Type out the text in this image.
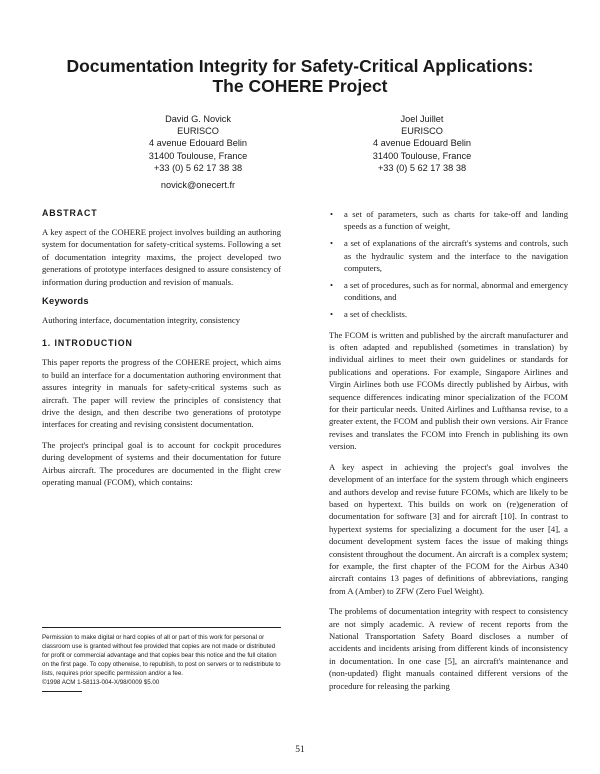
Documentation Integrity for Safety-Critical Applications:
The COHERE Project
David G. Novick
EURISCO
4 avenue Edouard Belin
31400 Toulouse, France
+33 (0) 5 62 17 38 38
novick@onecert.fr
Joel Juillet
EURISCO
4 avenue Edouard Belin
31400 Toulouse, France
+33 (0) 5 62 17 38 38
ABSTRACT

A key aspect of the COHERE project involves building an authoring system for documentation for safety-critical systems. Following a set of documentation integrity maxims, the project developed two generations of prototype interfaces designed to assure consistency of information during production and revision of manuals.

Keywords

Authoring interface, documentation integrity, consistency

1. INTRODUCTION

This paper reports the progress of the COHERE project, which aims to build an interface for a documentation authoring environment that assures integrity in manuals for safety-critical systems such as aircraft. The paper will review the principles of consistency that drive the design, and then describe two generations of prototype interfaces for creating and revising consistent documentation.

The project's principal goal is to account for cockpit procedures during development of systems and their documentation for future Airbus aircraft. The procedures are documented in the flight crew operating manual (FCOM), which contains:

Permission to make digital or hard copies of all or part of this work for personal or classroom use is granted without fee provided that copies are not made or distributed for profit or commercial advantage and that copies bear this notice and the full citation on the first page. To copy otherwise, to republish, to post on servers or to redistribute to lists, requires prior specific permission and/or a fee.
©1998 ACM 1-58113-004-X/98/0009 $5.00
• a set of parameters, such as charts for take-off and landing speeds as a function of weight,
• a set of explanations of the aircraft's systems and controls, such as the hydraulic system and the interface to the navigation computers,
• a set of procedures, such as for normal, abnormal and emergency conditions, and
• a set of checklists.

The FCOM is written and published by the aircraft manufacturer and is often adapted and republished (sometimes in translation) by individual airlines to meet their own guidelines or standards for publications and operations. For example, Singapore Airlines and Virgin Airlines both use FCOMs directly published by Airbus, with sequence differences indicating minor specialization of the FCOM for their particular needs. United Airlines and Lufthansa revise, to a greater extent, the FCOM and publish their own versions. Air France revises and translates the FCOM into French in publishing its own version.

A key aspect in achieving the project's goal involves the development of an interface for the system through which engineers and authors develop and revise future FCOMs, which are likely to be based on hypertext. This builds on work on (re)generation of documentation for software [3] and for aircraft [10]. In contrast to hypertext systems for specializing a document for the user [4], a document development system faces the issue of making things consistent throughout the document. An aircraft is a complex system; for example, the first chapter of the FCOM for the Airbus A340 aircraft contains 13 pages of definitions of abbreviations, ranging from A (Amber) to ZFW (Zero Fuel Weight).

The problems of documentation integrity with respect to consistency are not simply academic. A review of recent reports from the National Transportation Safety Board discloses a number of accidents and incidents arising from different kinds of inconsistency in documentation. In one case [5], an aircraft's maintenance and (non-updated) flight manuals contained different versions of the procedure for releasing the parking

51
